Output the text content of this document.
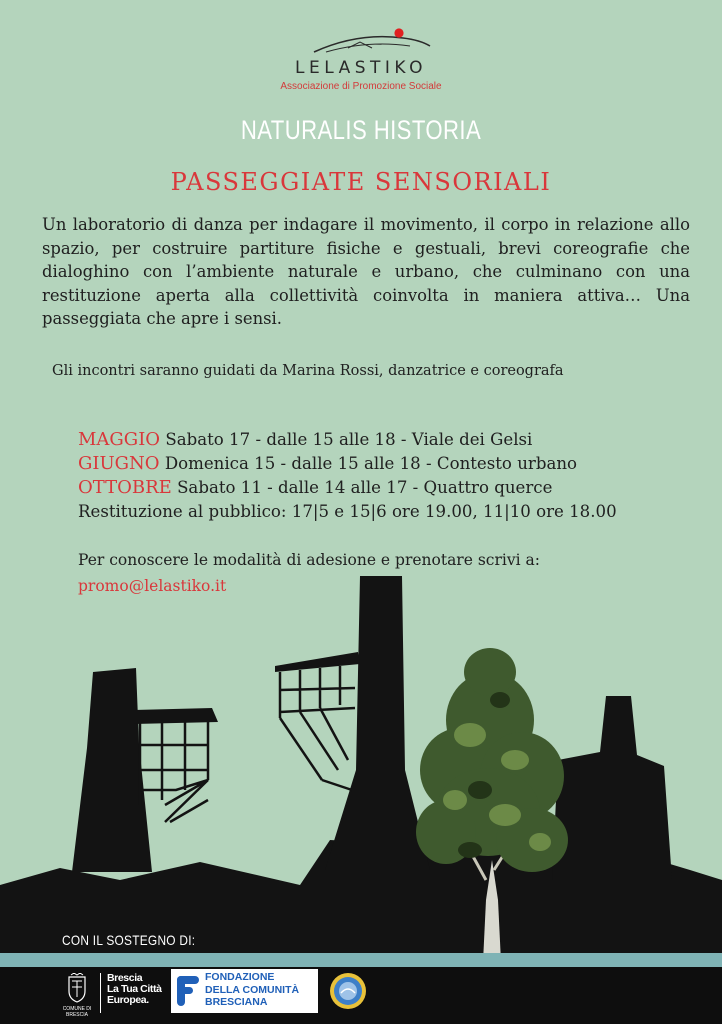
LELASTIKO
Associazione di Promozione Sociale
NATURALIS HISTORIA
PASSEGGIATE SENSORIALI

Un laboratorio di danza per indagare il movimento, il corpo in relazione allo spazio, per costruire partiture fisiche e gestuali, brevi coreografie che dialoghino con l’ambiente naturale e urbano, che culminano con una restituzione aperta alla collettività coinvolta in maniera attiva… Una passeggiata che apre i sensi.

Gli incontri saranno guidati da Marina Rossi, danzatrice e coreografa

MAGGIO Sabato 17 - dalle 15 alle 18 - Viale dei Gelsi
GIUGNO Domenica 15 - dalle 15 alle 18 - Contesto urbano
OTTOBRE Sabato 11 - dalle 14 alle 17 - Quattro querce
Restituzione al pubblico: 17|5 e 15|6 ore 19.00, 11|10 ore 18.00
Per conoscere le modalità di adesione e prenotare scrivi a:
promo@lelastiko.it
CON IL SOSTEGNO DI:
COMUNE DI BRESCIA
Brescia
La Tua Città
Europea.
FONDAZIONE
DELLA COMUNITÀ
BRESCIANA
